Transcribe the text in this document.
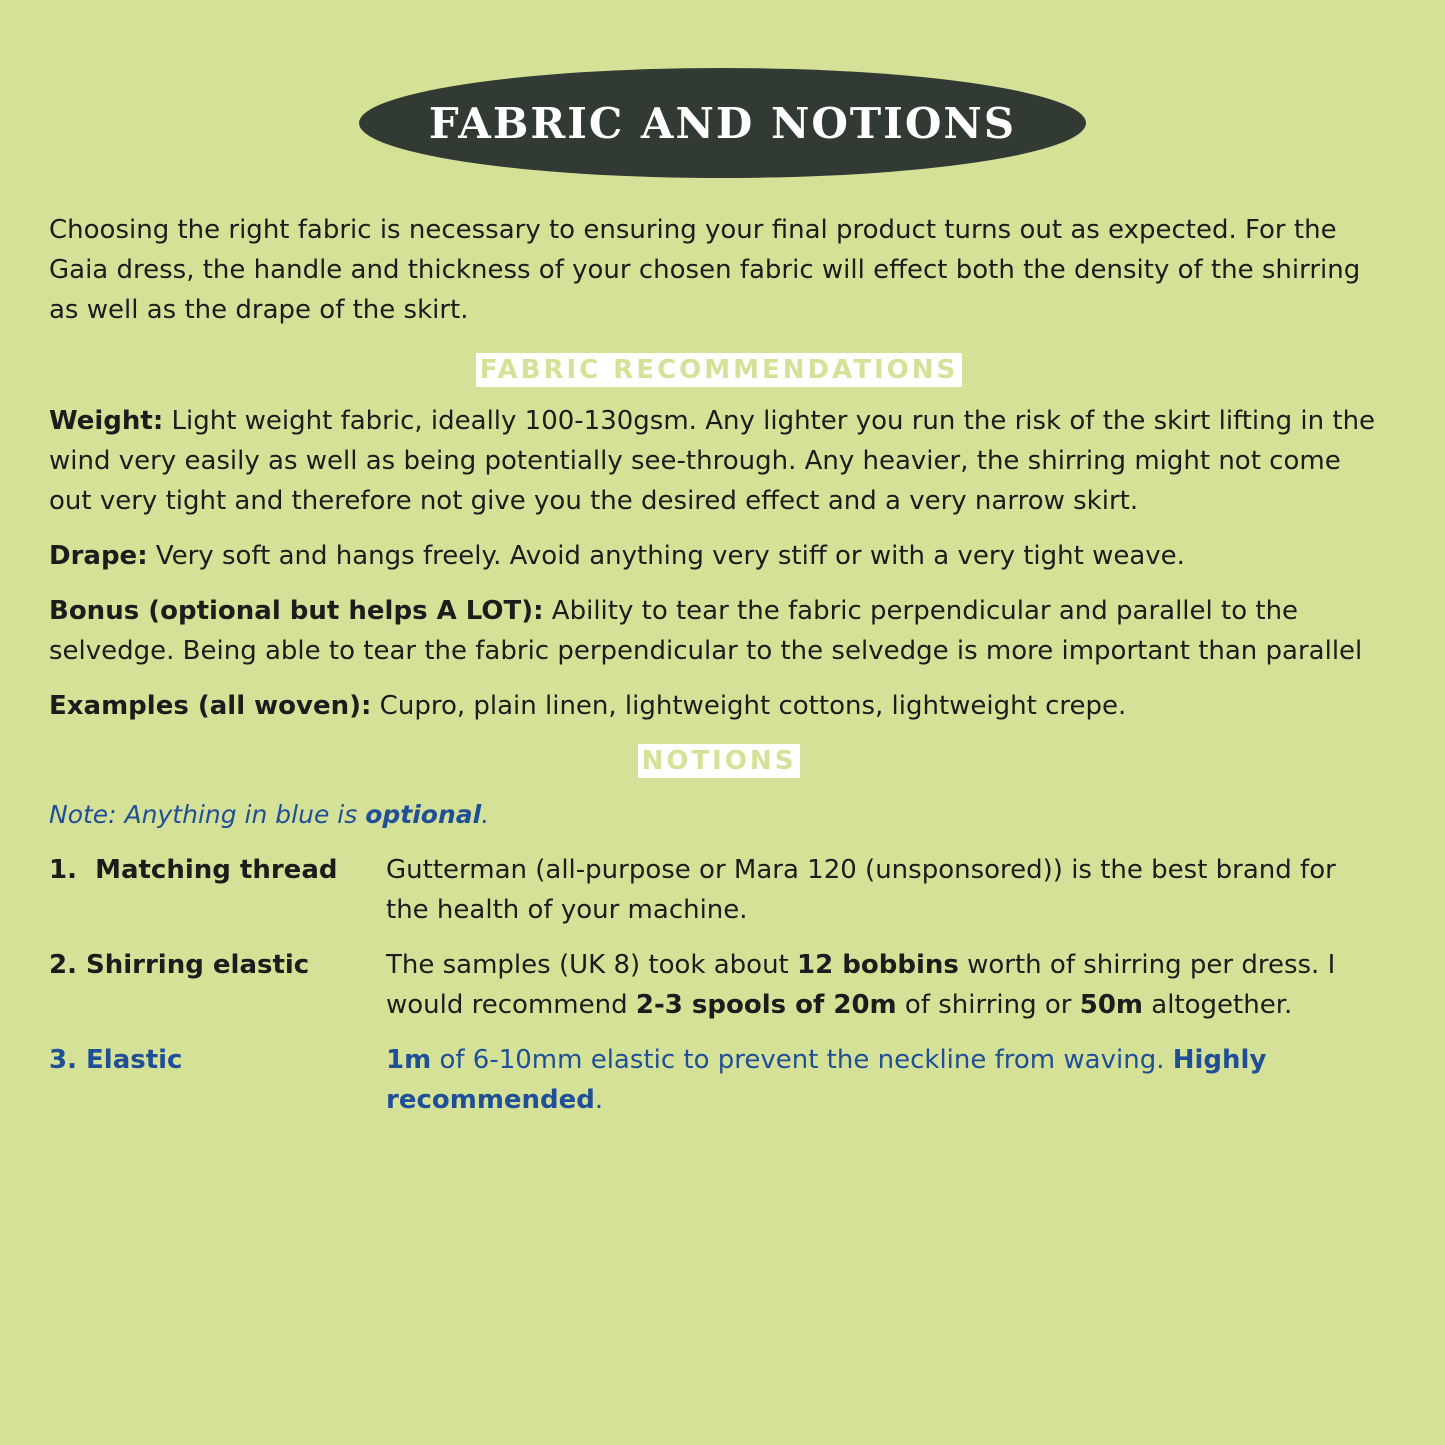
FABRIC AND NOTIONS

Choosing the right fabric is necessary to ensuring your final product turns out as expected. For the Gaia dress, the handle and thickness of your chosen fabric will effect both the density of the shirring as well as the drape of the skirt.

FABRIC RECOMMENDATIONS

Weight: Light weight fabric, ideally 100-130gsm. Any lighter you run the risk of the skirt lifting in the wind very easily as well as being potentially see-through. Any heavier, the shirring might not come out very tight and therefore not give you the desired effect and a very narrow skirt.

Drape: Very soft and hangs freely. Avoid anything very stiff or with a very tight weave.

Bonus (optional but helps A LOT): Ability to tear the fabric perpendicular and parallel to the selvedge. Being able to tear the fabric perpendicular to the selvedge is more important than parallel

Examples (all woven): Cupro, plain linen, lightweight cottons, lightweight crepe.

NOTIONS

Note: Anything in blue is optional.

1.  Matching thread	Gutterman (all-purpose or Mara 120 (unsponsored)) is the best brand for the health of your machine.
2. Shirring elastic	The samples (UK 8) took about 12 bobbins worth of shirring per dress. I would recommend 2-3 spools of 20m of shirring or 50m altogether.
3. Elastic	1m of 6-10mm elastic to prevent the neckline from waving. Highly recommended.
